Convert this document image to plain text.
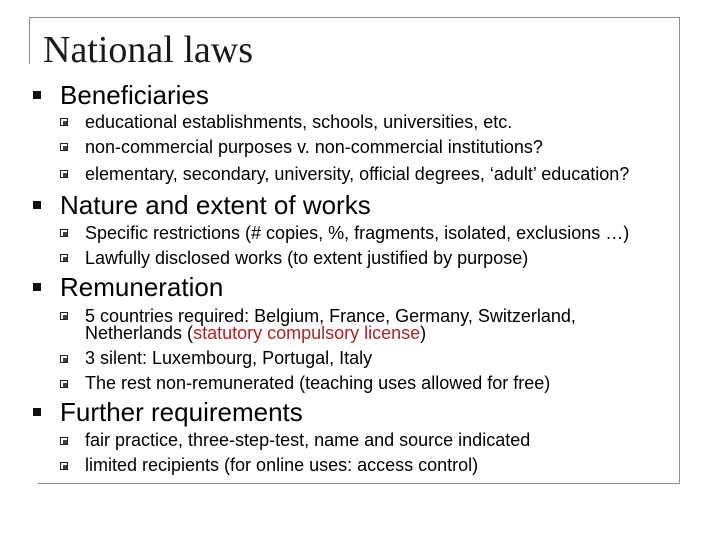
National laws
Beneficiaries
educational establishments, schools, universities, etc.
non-commercial purposes v. non-commercial institutions?
elementary, secondary, university, official degrees, ‘adult’ education?
Nature and extent of works
Specific restrictions (# copies, %, fragments, isolated, exclusions …)
Lawfully disclosed works (to extent justified by purpose)
Remuneration
5 countries required: Belgium, France, Germany, Switzerland,
Netherlands (statutory compulsory license)
3 silent: Luxembourg, Portugal, Italy
The rest non-remunerated (teaching uses allowed for free)
Further requirements
fair practice, three-step-test, name and source indicated
limited recipients (for online uses: access control)
